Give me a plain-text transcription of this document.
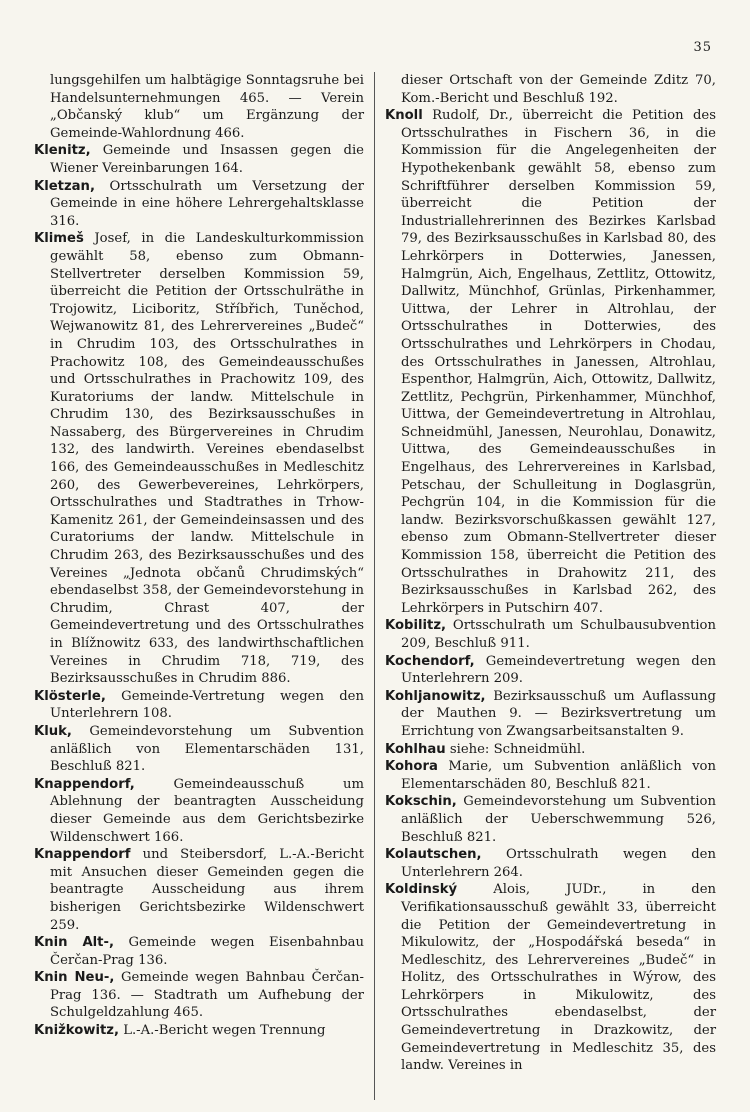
35

lungsgehilfen um halbtägige Sonntagsruhe bei Handelsunternehmungen 465. — Verein „Občanský klub“ um Ergänzung der Gemeinde-Wahlordnung 466.

Klenitz, Gemeinde und Insassen gegen die Wiener Vereinbarungen 164.

Kletzan, Ortsschulrath um Versetzung der Gemeinde in eine höhere Lehrergehaltsklasse 316.

Klimeš Josef, in die Landeskulturkommission gewählt 58, ebenso zum Obmann-Stellvertreter derselben Kommission 59, überreicht die Petition der Ortsschulräthe in Trojowitz, Liciboritz, Stříbřich, Tuněchod, Wejwanowitz 81, des Lehrervereines „Budeč“ in Chrudim 103, des Ortsschulrathes in Prachowitz 108, des Gemeindeausschußes und Ortsschulrathes in Prachowitz 109, des Kuratoriums der landw. Mittelschule in Chrudim 130, des Bezirksausschußes in Nassaberg, des Bürgervereines in Chrudim 132, des landwirth. Vereines ebendaselbst 166, des Gemeindeausschußes in Medleschitz 260, des Gewerbevereines, Lehrkörpers, Ortsschulrathes und Stadtrathes in Trhow-Kamenitz 261, der Gemeindeinsassen und des Curatoriums der landw. Mittelschule in Chrudim 263, des Bezirksausschußes und des Vereines „Jednota občanů Chrudimských“ ebendaselbst 358, der Gemeindevorstehung in Chrudim, Chrast 407, der Gemeindevertretung und des Ortsschulrathes in Blížnowitz 633, des landwirthschaftlichen Vereines in Chrudim 718, 719, des Bezirksausschußes in Chrudim 886.

Klösterle, Gemeinde-Vertretung wegen den Unterlehrern 108.

Kluk, Gemeindevorstehung um Subvention anläßlich von Elementarschäden 131, Beschluß 821.

Knappendorf,	Gemeindeausschuß um Ablehnung der beantragten Ausscheidung dieser Gemeinde aus dem Gerichtsbezirke Wildenschwert 166.

Knappendorf und Steibersdorf, L.-A.-Bericht mit Ansuchen dieser Gemeinden gegen die beantragte Ausscheidung aus ihrem bisherigen Gerichtsbezirke Wildenschwert 259.

Knin Alt-, Gemeinde wegen Eisenbahnbau Čerčan-Prag 136.

Knin Neu-, Gemeinde wegen Bahnbau Čerčan-Prag 136. — Stadtrath um Aufhebung der Schulgeldzahlung 465.

Knižkowitz, L.-A.-Bericht wegen Trennung

dieser Ortschaft von der Gemeinde Zditz 70, Kom.-Bericht und Beschluß 192.

Knoll Rudolf, Dr., überreicht die Petition des Ortsschulrathes in Fischern 36, in die Kommission für die Angelegenheiten der Hypothekenbank gewählt 58, ebenso zum Schriftführer derselben Kommission 59, überreicht die Petition der Industriallehrerinnen des Bezirkes Karlsbad 79, des Bezirksausschußes in Karlsbad 80, des Lehrkörpers in Dotterwies, Janessen, Halmgrün, Aich, Engelhaus, Zettlitz, Ottowitz, Dallwitz, Münchhof, Grünlas, Pirkenhammer, Uittwa, der Lehrer in Altrohlau, der Ortsschulrathes in Dotterwies, des Ortsschulrathes und Lehrkörpers in Chodau, des Ortsschulrathes in Janessen, Altrohlau, Espenthor, Halmgrün, Aich, Ottowitz, Dallwitz, Zettlitz, Pechgrün, Pirkenhammer, Münchhof, Uittwa, der Gemeindevertretung in Altrohlau, Schneidmühl, Janessen, Neurohlau, Donawitz, Uittwa, des Gemeindeausschußes in Engelhaus, des Lehrervereines in Karlsbad, Petschau, der Schulleitung in Doglasgrün, Pechgrün 104, in die Kommission für die landw. Bezirksvorschußkassen gewählt 127, ebenso zum Obmann-Stellvertreter dieser Kommission 158, überreicht die Petition des Ortsschulrathes in Drahowitz 211, des Bezirksausschußes in Karlsbad 262, des Lehrkörpers in Putschirn 407.

Kobilitz, Ortsschulrath um Schulbausubvention 209, Beschluß 911.

Kochendorf, Gemeindevertretung wegen den Unterlehrern 209.

Kohljanowitz, Bezirksausschuß um Auflassung der Mauthen 9. — Bezirksvertretung um Errichtung von Zwangsarbeitsanstalten 9.

Kohlhau siehe: Schneidmühl.

Kohora Marie, um Subvention anläßlich von Elementarschäden 80, Beschluß 821.

Kokschin, Gemeindevorstehung um Subvention anläßlich der Ueberschwemmung 526, Beschluß 821.

Kolautschen, Ortsschulrath wegen den Unterlehrern 264.

Koldinský	Alois, JUDr., in den Verifikationsausschuß gewählt 33, überreicht die Petition der Gemeindevertretung in Mikulowitz, der „Hospodářská beseda“ in Medleschitz, des Lehrervereines „Budeč“ in Holitz, des Ortsschulrathes in Wýrow, des Lehrkörpers in Mikulowitz, des Ortsschulrathes ebendaselbst, der Gemeindevertretung in Drazkowitz, der Gemeindevertretung in Medleschitz 35, des landw. Vereines in
